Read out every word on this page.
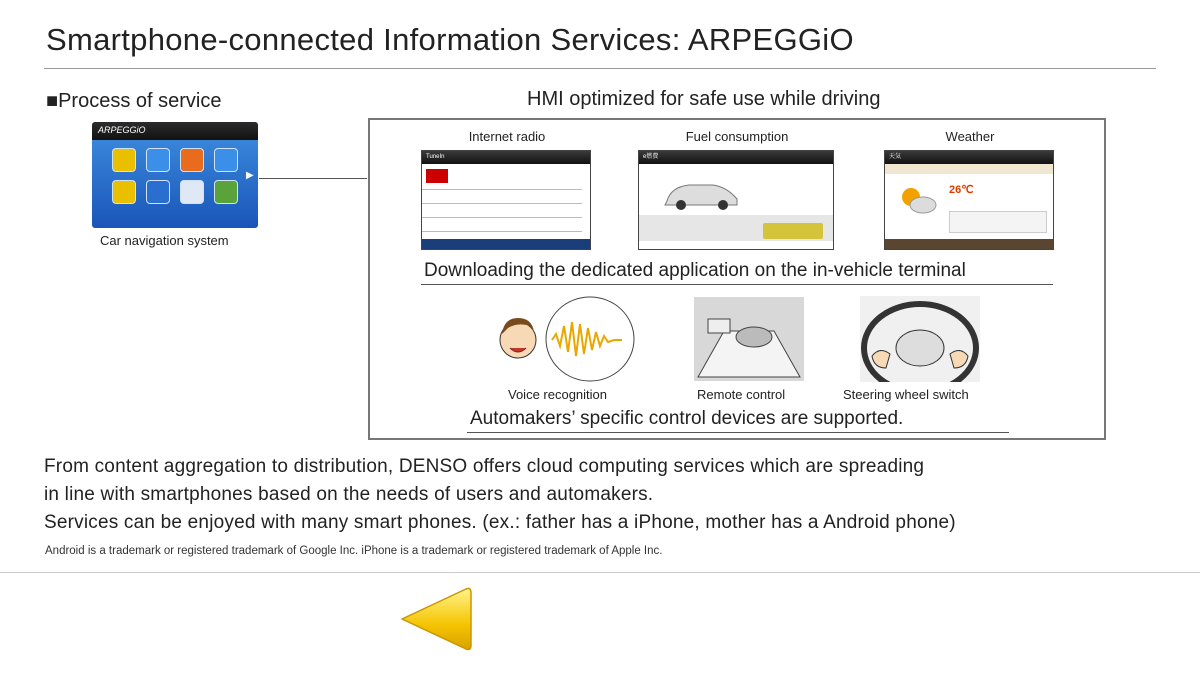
Smartphone-connected Information Services: ARPEGGiO
■Process of service	HMI optimized for safe use while driving
ARPEGGiO
▶
Car navigation system
Internet radio
TuneIn
Fuel consumption
e燃費
Weather
天気
26℃
Downloading the dedicated application on the in-vehicle terminal
Voice recognition	Remote control	Steering wheel switch
Automakers’ specific control devices are supported.
From content aggregation to distribution, DENSO offers cloud computing services which are spreading
in line with smartphones based on the needs of users and automakers.
Services can be enjoyed with many smart phones. (ex.: father has a iPhone, mother has a Android phone)
Android is a trademark or registered trademark of Google Inc. iPhone is a trademark or registered trademark of Apple Inc.
